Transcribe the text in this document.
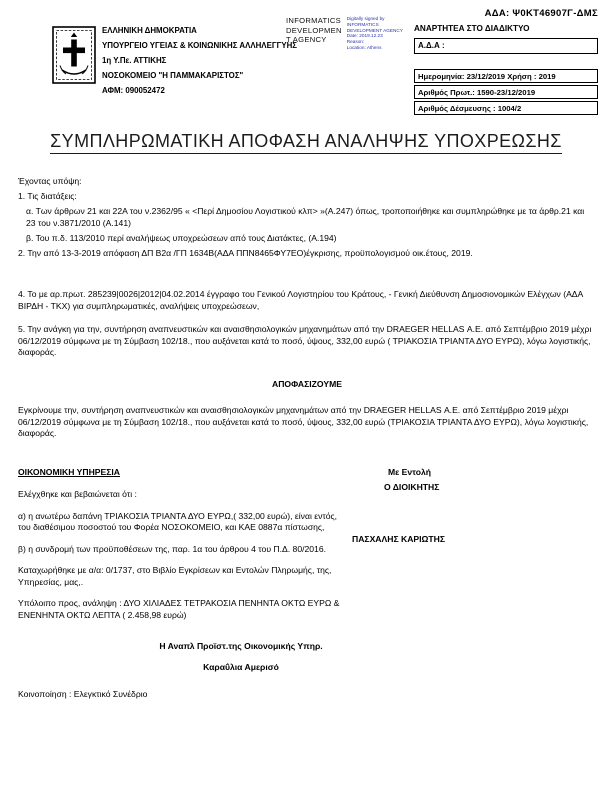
ΑΔΑ: Ψ0ΚΤ46907Γ-ΔΜΣ
ΕΛΛΗΝΙΚΗ ΔΗΜΟΚΡΑΤΙΑ
ΥΠΟΥΡΓΕΙΟ ΥΓΕΙΑΣ & ΚΟΙΝΩΝΙΚΗΣ ΑΛΛΗΛΕΓΓΥΗΣ
1η Υ.Πε. ΑΤΤΙΚΗΣ
ΝΟΣΟΚΟΜΕΙΟ "Η ΠΑΜΜΑΚΑΡΙΣΤΟΣ"
ΑΦΜ: 090052472
INFORMATICS
DEVELOPMEN
T AGENCY
Digitally signed by
INFORMATICS DEVELOPMENT AGENCY
Date: 2019.12.23
Reason:
Location: Athens
ΑΝΑΡΤΗΤΕΑ ΣΤΟ ΔΙΑΔΙΚΤΥΟ
Α.Δ.Α :
Ημερομηνία: 23/12/2019 Χρήση : 2019
Αριθμός Πρωτ.: 1590-23/12/2019
Αριθμός Δέσμευσης : 1004/2
ΣΥΜΠΛΗΡΩΜΑΤΙΚΗ ΑΠΟΦΑΣΗ ΑΝΑΛΗΨΗΣ ΥΠΟΧΡΕΩΣΗΣ
Έχοντας υπόψη:
1. Τις διατάξεις:
α. Των άρθρων 21 και 22Α του ν.2362/95 « <Περί Δημοσίου Λογιστικού κλπ> »(Α.247) όπως, τροποποιήθηκε και συμπληρώθηκε με τα άρθρ.21 και 23 του ν.3871/2010 (Α.141)
β. Του π.δ. 113/2010 περί αναλήψεως υποχρεώσεων από τους Διατάκτες, (Α.194)
2. Την από 13-3-2019 απόφαση ΔΠ Β2α /ΓΠ 1634Β(ΑΔΑ ΠΠΝ8465ΦΥ7ΕΟ)έγκρισης, προϋπολογισμού οικ.έτους, 2019.
4. Το με αρ.πρωτ. 285239|0026|2012|04.02.2014 έγγραφο του Γενικού Λογιστηρίου του Κράτους, - Γενική Διεύθυνση Δημοσιονομικών Ελέγχων (ΑΔΑ ΒΙΡΔΗ - ΤΚΧ) για συμπληρωματικές, αναλήψεις υποχρεώσεων,
5. Την ανάγκη για την, συντήρηση αναπνευστικών και αναισθησιολογικών μηχανημάτων από την DRAEGER HELLAS Α.Ε. από Σεπτέμβριο 2019 μέχρι 06/12/2019 σύμφωνα με τη Σύμβαση 102/18., που αυξάνεται κατά το ποσό, ύψους, 332,00 ευρώ ( ΤΡΙΑΚΟΣΙΑ ΤΡΙΑΝΤΑ ΔΥΟ ΕΥΡΩ), λόγω λογιστικής, διαφοράς.
ΑΠΟΦΑΣΙΖΟΥΜΕ
Εγκρίνουμε την, συντήρηση αναπνευστικών και αναισθησιολογικών μηχανημάτων από την DRAEGER HELLAS Α.Ε. από Σεπτέμβριο 2019 μέχρι 06/12/2019 σύμφωνα με τη Σύμβαση 102/18., που αυξάνεται κατά το ποσό, ύψους, 332,00 ευρώ (ΤΡΙΑΚΟΣΙΑ ΤΡΙΑΝΤΑ ΔΥΟ ΕΥΡΩ), λόγω λογιστικής, διαφοράς.
ΟΙΚΟΝΟΜΙΚΗ ΥΠΗΡΕΣΙΑ
Ελέγχθηκε και βεβαιώνεται ότι :
α) η ανωτέρω δαπάνη ΤΡΙΑΚΟΣΙΑ ΤΡΙΑΝΤΑ ΔΥΟ ΕΥΡΩ,( 332,00 ευρώ), είναι εντός, του διαθέσιμου ποσοστού του Φορέα ΝΟΣΟΚΟΜΕΙΟ, και ΚΑΕ 0887α πίστωσης,
β) η συνδρομή των προϋποθέσεων της, παρ. 1α του άρθρου 4 του Π.Δ. 80/2016.
Καταχωρήθηκε με α/α: 0/1737, στο Βιβλίο Εγκρίσεων και Εντολών Πληρωμής, της, Υπηρεσίας, μας,.
Υπόλοιπο προς, ανάληψη : ΔΥΟ ΧΙΛΙΑΔΕΣ ΤΕΤΡΑΚΟΣΙΑ ΠΕΝΗΝΤΑ ΟΚΤΩ ΕΥΡΩ & ΕΝΕΝΗΝΤΑ ΟΚΤΩ ΛΕΠΤΑ ( 2.458,98 ευρώ)
Με Εντολή
Ο ΔΙΟΙΚΗΤΗΣ
ΠΑΣΧΑΛΗΣ ΚΑΡΙΩΤΗΣ
Η Αναπλ Προϊστ.της Οικονομικής Υπηρ.
Καραΰλια Αμερισό
Κοινοποίηση : Ελεγκτικό Συνέδριο
